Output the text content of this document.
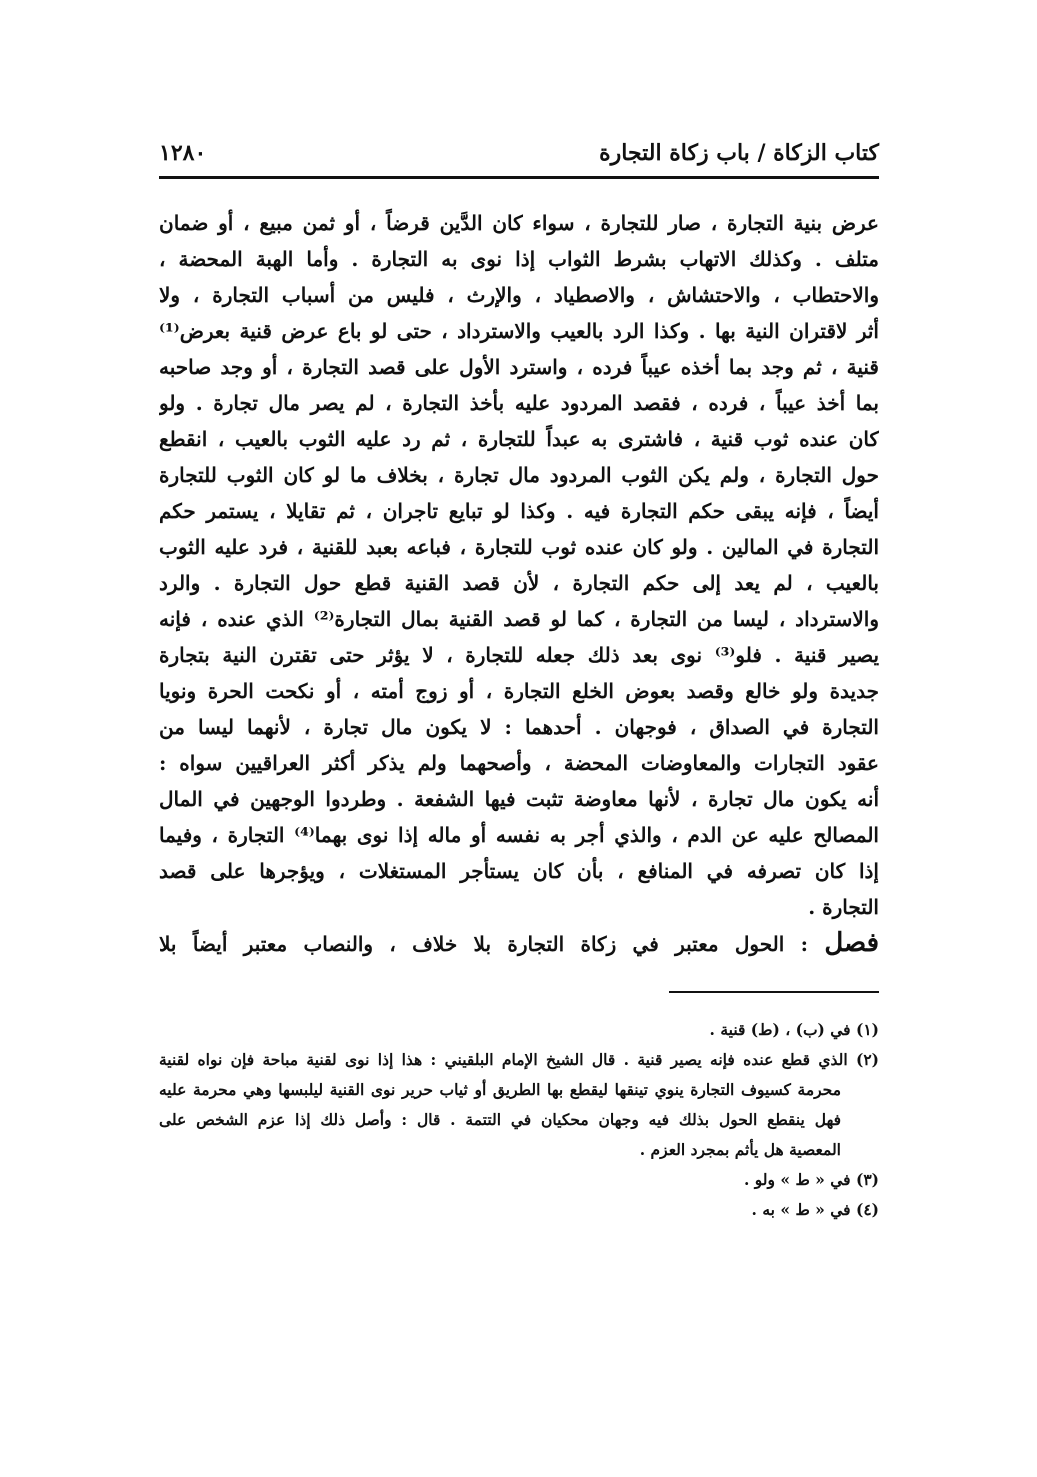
كتاب الزكاة / باب زكاة التجارة
١٢٨٠
عرض بنية التجارة ، صار للتجارة ، سواء كان الدَّين قرضاً ، أو ثمن مبيع ، أو ضمان
متلف . وكذلك الاتهاب بشرط الثواب إذا نوى به التجارة . وأما الهبة المحضة ،
والاحتطاب ، والاحتشاش ، والاصطياد ، والإرث ، فليس من أسباب التجارة ، ولا
أثر لاقتران النية بها . وكذا الرد بالعيب والاسترداد ، حتى لو باع عرض قنية بعرض⁽¹⁾
قنية ، ثم وجد بما أخذه عيباً فرده ، واسترد الأول على قصد التجارة ، أو وجد صاحبه
بما أخذ عيباً ، فرده ، فقصد المردود عليه بأخذ التجارة ، لم يصر مال تجارة . ولو
كان عنده ثوب قنية ، فاشترى به عبداً للتجارة ، ثم رد عليه الثوب بالعيب ، انقطع
حول التجارة ، ولم يكن الثوب المردود مال تجارة ، بخلاف ما لو كان الثوب للتجارة
أيضاً ، فإنه يبقى حكم التجارة فيه . وكذا لو تبايع تاجران ، ثم تقايلا ، يستمر حكم
التجارة في المالين . ولو كان عنده ثوب للتجارة ، فباعه بعبد للقنية ، فرد عليه الثوب
بالعيب ، لم يعد إلى حكم التجارة ، لأن قصد القنية قطع حول التجارة . والرد
والاسترداد ، ليسا من التجارة ، كما لو قصد القنية بمال التجارة⁽²⁾ الذي عنده ، فإنه
يصير قنية . فلو⁽³⁾ نوى بعد ذلك جعله للتجارة ، لا يؤثر حتى تقترن النية بتجارة
جديدة ولو خالع وقصد بعوض الخلع التجارة ، أو زوج أمته ، أو نكحت الحرة ونويا
التجارة في الصداق ، فوجهان . أحدهما : لا يكون مال تجارة ، لأنهما ليسا من
عقود التجارات والمعاوضات المحضة ، وأصحهما ولم يذكر أكثر العراقيين سواه :
أنه يكون مال تجارة ، لأنها معاوضة تثبت فيها الشفعة . وطردوا الوجهين في المال
المصالح عليه عن الدم ، والذي أجر به نفسه أو ماله إذا نوى بهما⁽⁴⁾ التجارة ، وفيما
إذا كان تصرفه في المنافع ، بأن كان يستأجر المستغلات ، ويؤجرها على قصد
التجارة .
فصل : الحول معتبر في زكاة التجارة بلا خلاف ، والنصاب معتبر أيضاً بلا
(١) في (ب) ، (ط) قنية .
(٢) الذي قطع عنده فإنه يصير قنية . قال الشيخ الإمام البلقيني : هذا إذا نوى لقنية مباحة فإن نواه لقنية
محرمة كسيوف التجارة ينوي تينقها ليقطع بها الطريق أو ثياب حرير نوى القنية ليلبسها وهي محرمة عليه
فهل ينقطع الحول بذلك فيه وجهان محكيان في التتمة . قال : وأصل ذلك إذا عزم الشخص على
المعصية هل يأثم بمجرد العزم .
(٣) في « ط » ولو .
(٤) في « ط » به .
